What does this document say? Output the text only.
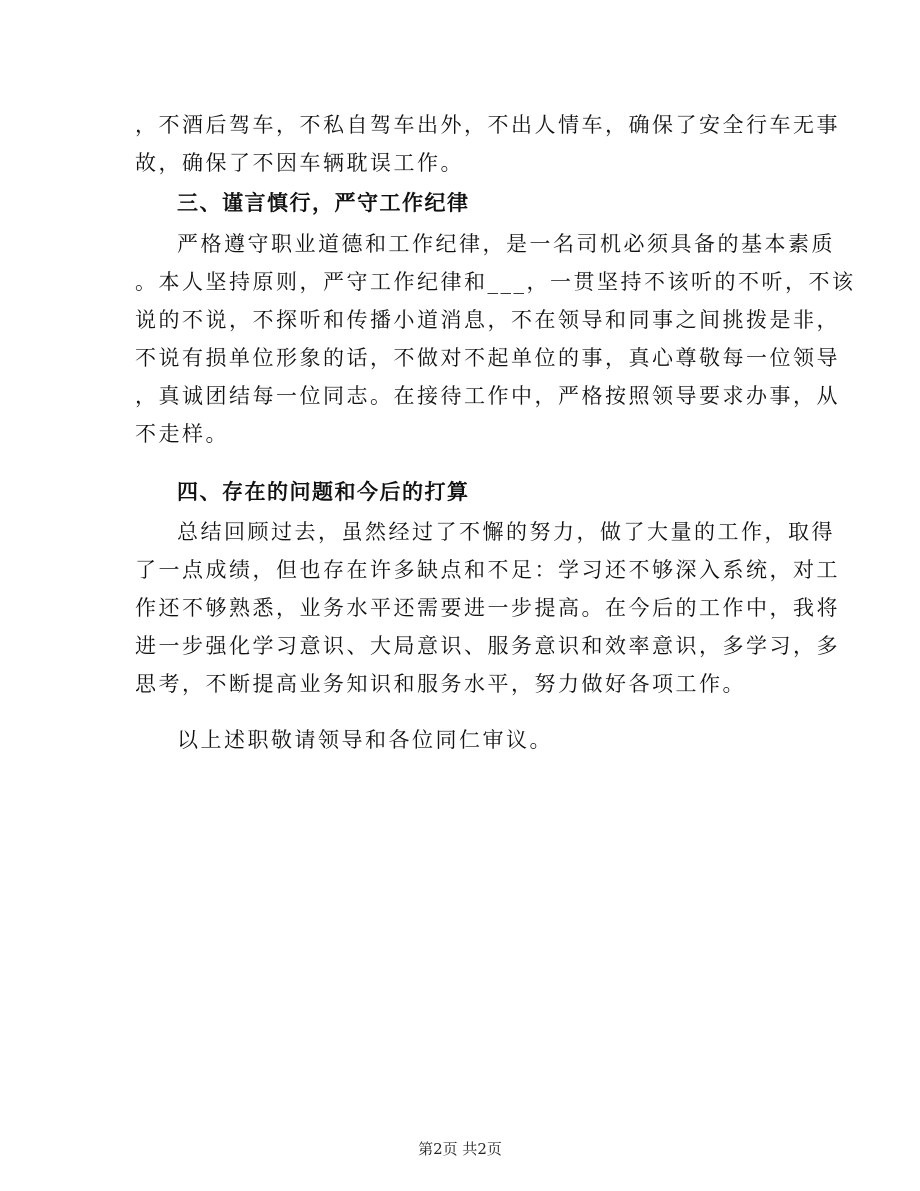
，不酒后驾车，不私自驾车出外，不出人情车，确保了安全行车无事
故，确保了不因车辆耽误工作。
三、谨言慎行，严守工作纪律
严格遵守职业道德和工作纪律，是一名司机必须具备的基本素质
。本人坚持原则，严守工作纪律和___，一贯坚持不该听的不听，不该
说的不说，不探听和传播小道消息，不在领导和同事之间挑拨是非，
不说有损单位形象的话，不做对不起单位的事，真心尊敬每一位领导
，真诚团结每一位同志。在接待工作中，严格按照领导要求办事，从
不走样。
四、存在的问题和今后的打算
总结回顾过去，虽然经过了不懈的努力，做了大量的工作，取得
了一点成绩，但也存在许多缺点和不足：学习还不够深入系统，对工
作还不够熟悉，业务水平还需要进一步提高。在今后的工作中，我将
进一步强化学习意识、大局意识、服务意识和效率意识，多学习，多
思考，不断提高业务知识和服务水平，努力做好各项工作。
以上述职敬请领导和各位同仁审议。
第2页 共2页
